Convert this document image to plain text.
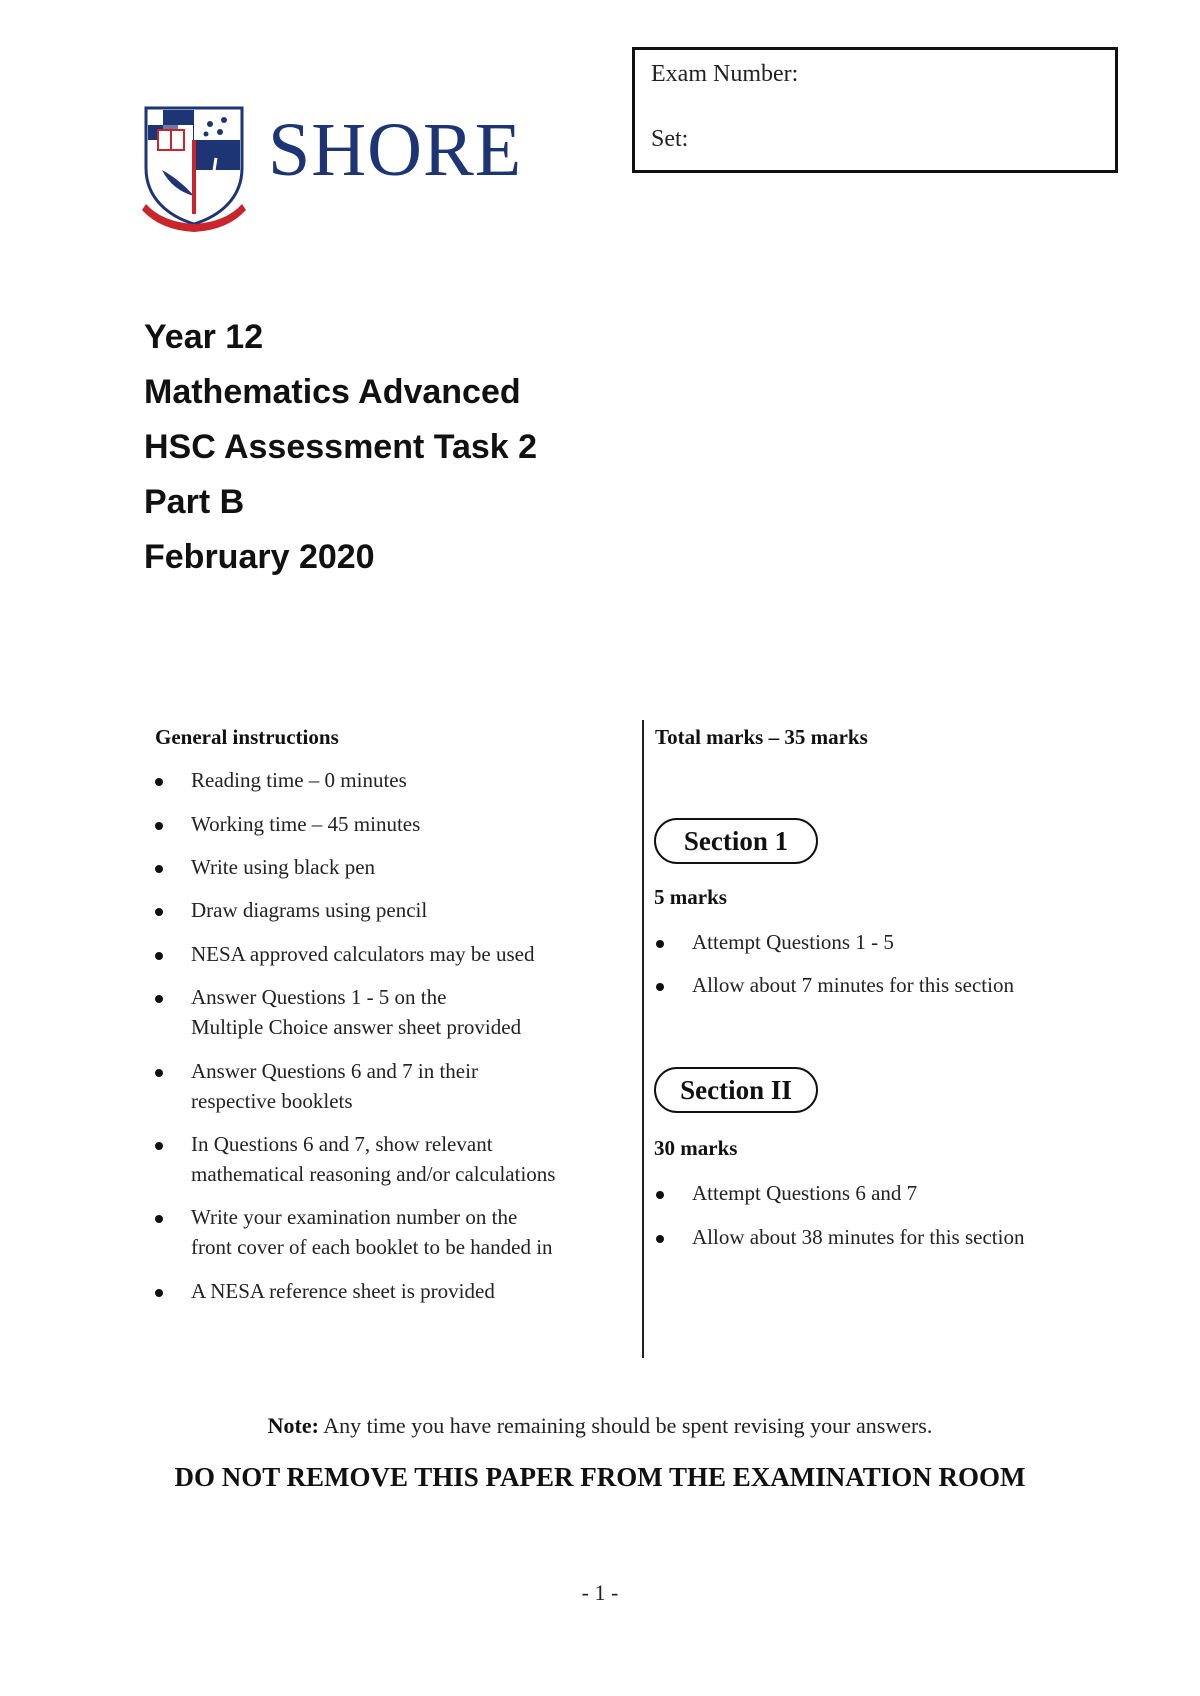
SHORE
Exam Number:
Set:
Year 12
Mathematics Advanced
HSC Assessment Task 2
Part B
February 2020
General instructions
Reading time – 0 minutes
Working time – 45 minutes
Write using black pen
Draw diagrams using pencil
NESA approved calculators may be used
Answer Questions 1 - 5 on the
Multiple Choice answer sheet provided
Answer Questions 6 and 7 in their
respective booklets
In Questions 6 and 7, show relevant
mathematical reasoning and/or calculations
Write your examination number on the
front cover of each booklet to be handed in
A NESA reference sheet is provided
Total marks – 35 marks
Section 1
5 marks
Attempt Questions 1 - 5
Allow about 7 minutes for this section
Section II
30 marks
Attempt Questions 6 and 7
Allow about 38 minutes for this section
Note: Any time you have remaining should be spent revising your answers.
DO NOT REMOVE THIS PAPER FROM THE EXAMINATION ROOM
- 1 -
